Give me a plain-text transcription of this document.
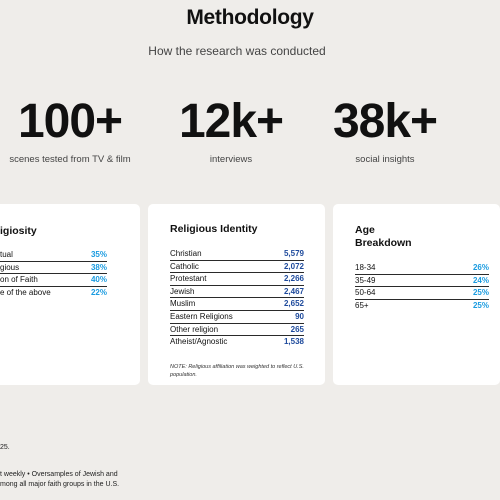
Methodology
How the research was conducted
100+
scenes tested from TV & film
12k+
interviews
38k+
social insights
igiosity
tual	35%
gious	38%
on of Faith	40%
e of the above	22%
Religious Identity
Christian	5,579
Catholic	2,072
Protestant	2,266
Jewish	2,467
Muslim	2,652
Eastern Religions	90
Other religion	265
Atheist/Agnostic	1,538
NOTE: Religious affiliation was weighted to reflect U.S.
population.
Age
Breakdown
18-34	26%
35-49	24%
50-64	25%
65+	25%
25.
t weekly • Oversamples of Jewish and
mong all major faith groups in the U.S.
